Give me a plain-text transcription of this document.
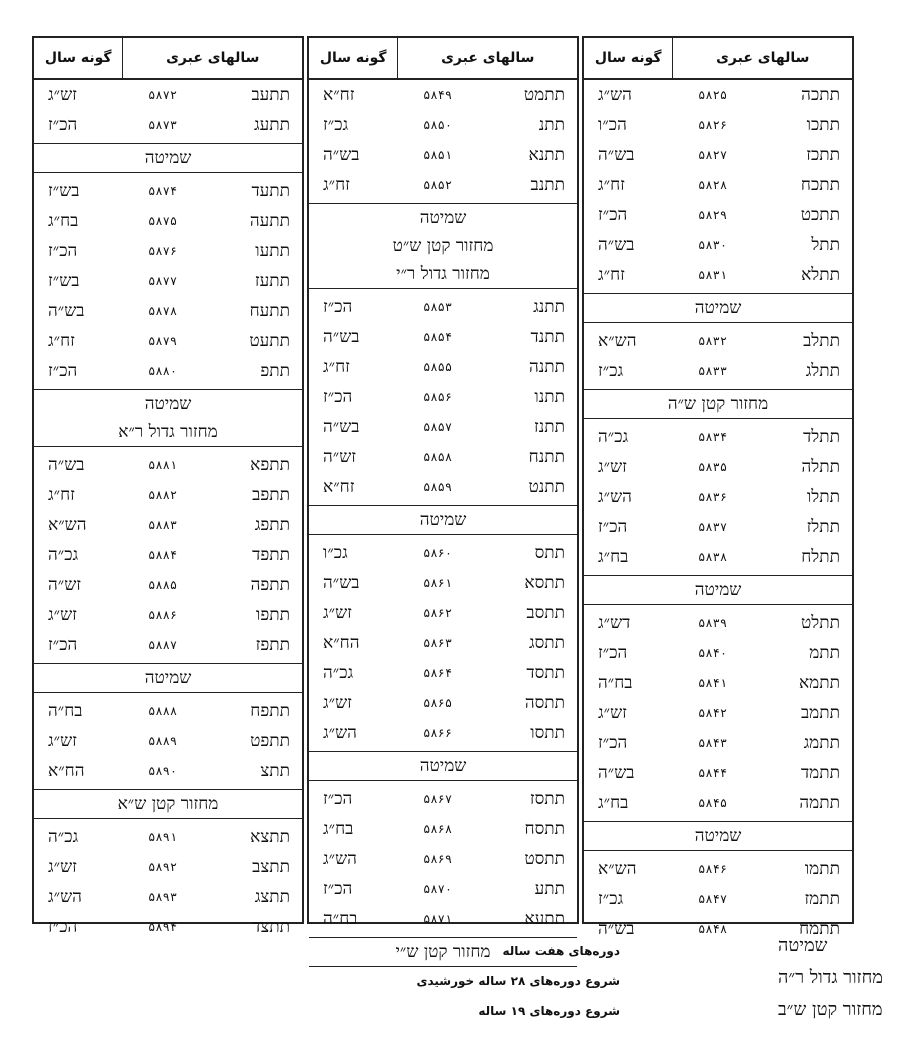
گونه سال	سالهای عبری
הש״ג	۵۸۲۵	תתכה
הכ״ו	۵۸۲۶	תתכו
בש״ה	۵۸۲۷	תתכז
זח״ג	۵۸۲۸	תתכח
הכ״ז	۵۸۲۹	תתכט
בש״ה	۵۸۳۰	תתל
זח״ג	۵۸۳۱	תתלא
שמיטה
הש״א	۵۸۳۲	תתלב
גכ״ז	۵۸۳۳	תתלג
מחזור קטן ש״ה
גכ״ה	۵۸۳۴	תתלד
זש״ג	۵۸۳۵	תתלה
הש״ג	۵۸۳۶	תתלו
הכ״ז	۵۸۳۷	תתלז
בח״ג	۵۸۳۸	תתלח
שמיטה
דש״ג	۵۸۳۹	תתלט
הכ״ז	۵۸۴۰	תתמ
בח״ה	۵۸۴۱	תתמא
זש״ג	۵۸۴۲	תתמב
הכ״ז	۵۸۴۳	תתמג
בש״ה	۵۸۴۴	תתמד
בח״ג	۵۸۴۵	תתמה
שמיטה
הש״א	۵۸۴۶	תתמו
גכ״ז	۵۸۴۷	תתמז
בש״ה	۵۸۴۸	תתמח
گونه سال	سالهای عبری
זח״א	۵۸۴۹	תתמט
גכ״ז	۵۸۵۰	תתנ
בש״ה	۵۸۵۱	תתנא
זח״ג	۵۸۵۲	תתנב
שמיטה
מחזור קטן ש״ט
מחזור גדול ר״י
הכ״ז	۵۸۵۳	תתנג
בש״ה	۵۸۵۴	תתנד
זח״ג	۵۸۵۵	תתנה
הכ״ז	۵۸۵۶	תתנו
בש״ה	۵۸۵۷	תתנז
זש״ה	۵۸۵۸	תתנח
זח״א	۵۸۵۹	תתנט
שמיטה
גכ״ו	۵۸۶۰	תתס
בש״ה	۵۸۶۱	תתסא
זש״ג	۵۸۶۲	תתסב
הח״א	۵۸۶۳	תתסג
גכ״ה	۵۸۶۴	תתסד
זש״ג	۵۸۶۵	תתסה
הש״ג	۵۸۶۶	תתסו
שמיטה
הכ״ז	۵۸۶۷	תתסז
בח״ג	۵۸۶۸	תתסח
הש״ג	۵۸۶۹	תתסט
הכ״ז	۵۸۷۰	תתע
בח״ה	۵۸۷۱	תתעא
מחזור קטן ש״י
گونه سال	سالهای عبری
זש״ג	۵۸۷۲	תתעב
הכ״ז	۵۸۷۳	תתעג
שמיטה
בש״ז	۵۸۷۴	תתעד
בח״ג	۵۸۷۵	תתעה
הכ״ז	۵۸۷۶	תתעו
בש״ז	۵۸۷۷	תתעז
בש״ה	۵۸۷۸	תתעח
זח״ג	۵۸۷۹	תתעט
הכ״ז	۵۸۸۰	תתפ
שמיטה
מחזור גדול ר״א
בש״ה	۵۸۸۱	תתפא
זח״ג	۵۸۸۲	תתפב
הש״א	۵۸۸۳	תתפג
גכ״ה	۵۸۸۴	תתפד
זש״ה	۵۸۸۵	תתפה
זש״ג	۵۸۸۶	תתפו
הכ״ז	۵۸۸۷	תתפז
שמיטה
בח״ה	۵۸۸۸	תתפח
זש״ג	۵۸۸۹	תתפט
הח״א	۵۸۹۰	תתצ
מחזור קטן ש״א
גכ״ה	۵۸۹۱	תתצא
זש״ג	۵۸۹۲	תתצב
הש״ג	۵۸۹۳	תתצג
הכ״ז	۵۸۹۴	תתצד
שמיטה
מחזור גדול ר״ה
מחזור קטן ש״ב
دوره‌های هفت ساله
شروع دوره‌های ۲۸ ساله خورشیدی
شروع دوره‌های ۱۹ ساله
